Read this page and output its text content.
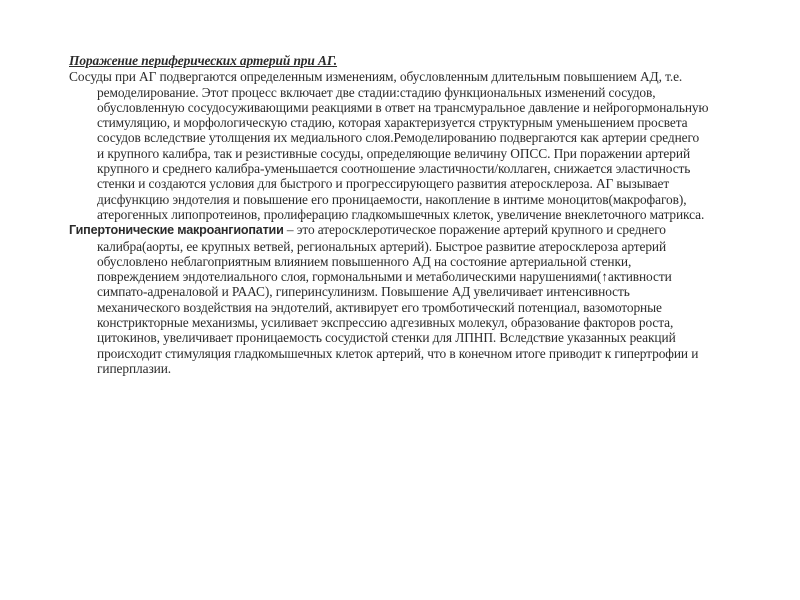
Поражение периферических артерий при АГ.

Сосуды при АГ подвергаются определенным изменениям, обусловленным длительным повышением АД, т.е. ремоделирование. Этот процесс включает две стадии:стадию функциональных изменений сосудов, обусловленную сосудосуживающими реакциями в ответ на трансмуральное давление и нейрогормональную стимуляцию, и морфологическую стадию, которая характеризуется структурным уменьшением просвета сосудов вследствие утолщения их медиального слоя.Ремоделированию подвергаются как артерии среднего и крупного калибра, так и резистивные сосуды, определяющие величину ОПСС. При поражении артерий крупного и среднего калибра-уменьшается соотношение эластичности/коллаген, снижается эластичность стенки и создаются условия для быстрого и прогрессирующего развития атеросклероза. АГ вызывает дисфункцию эндотелия и повышение его проницаемости, накопление в интиме моноцитов(макрофагов), атерогенных липопротеинов, пролиферацию гладкомышечных клеток, увеличение внеклеточного матрикса.

Гипертонические макроангиопатии – это атеросклеротическое поражение артерий крупного и среднего калибра(аорты, ее крупных ветвей, региональных артерий). Быстрое развитие атеросклероза артерий обусловлено неблагоприятным влиянием повышенного АД на состояние артериальной стенки, повреждением эндотелиального слоя, гормональными и метаболическими нарушениями(↑активности симпато-адреналовой и РААС), гиперинсулинизм. Повышение АД увеличивает интенсивность механического воздействия на эндотелий, активирует его тромботический потенциал, вазомоторные констрикторные механизмы, усиливает экспрессию адгезивных молекул, образование факторов роста, цитокинов, увеличивает проницаемость сосудистой стенки для ЛПНП. Вследствие указанных реакций происходит стимуляция гладкомышечных клеток артерий, что в конечном итоге приводит к гипертрофии и гиперплазии.
